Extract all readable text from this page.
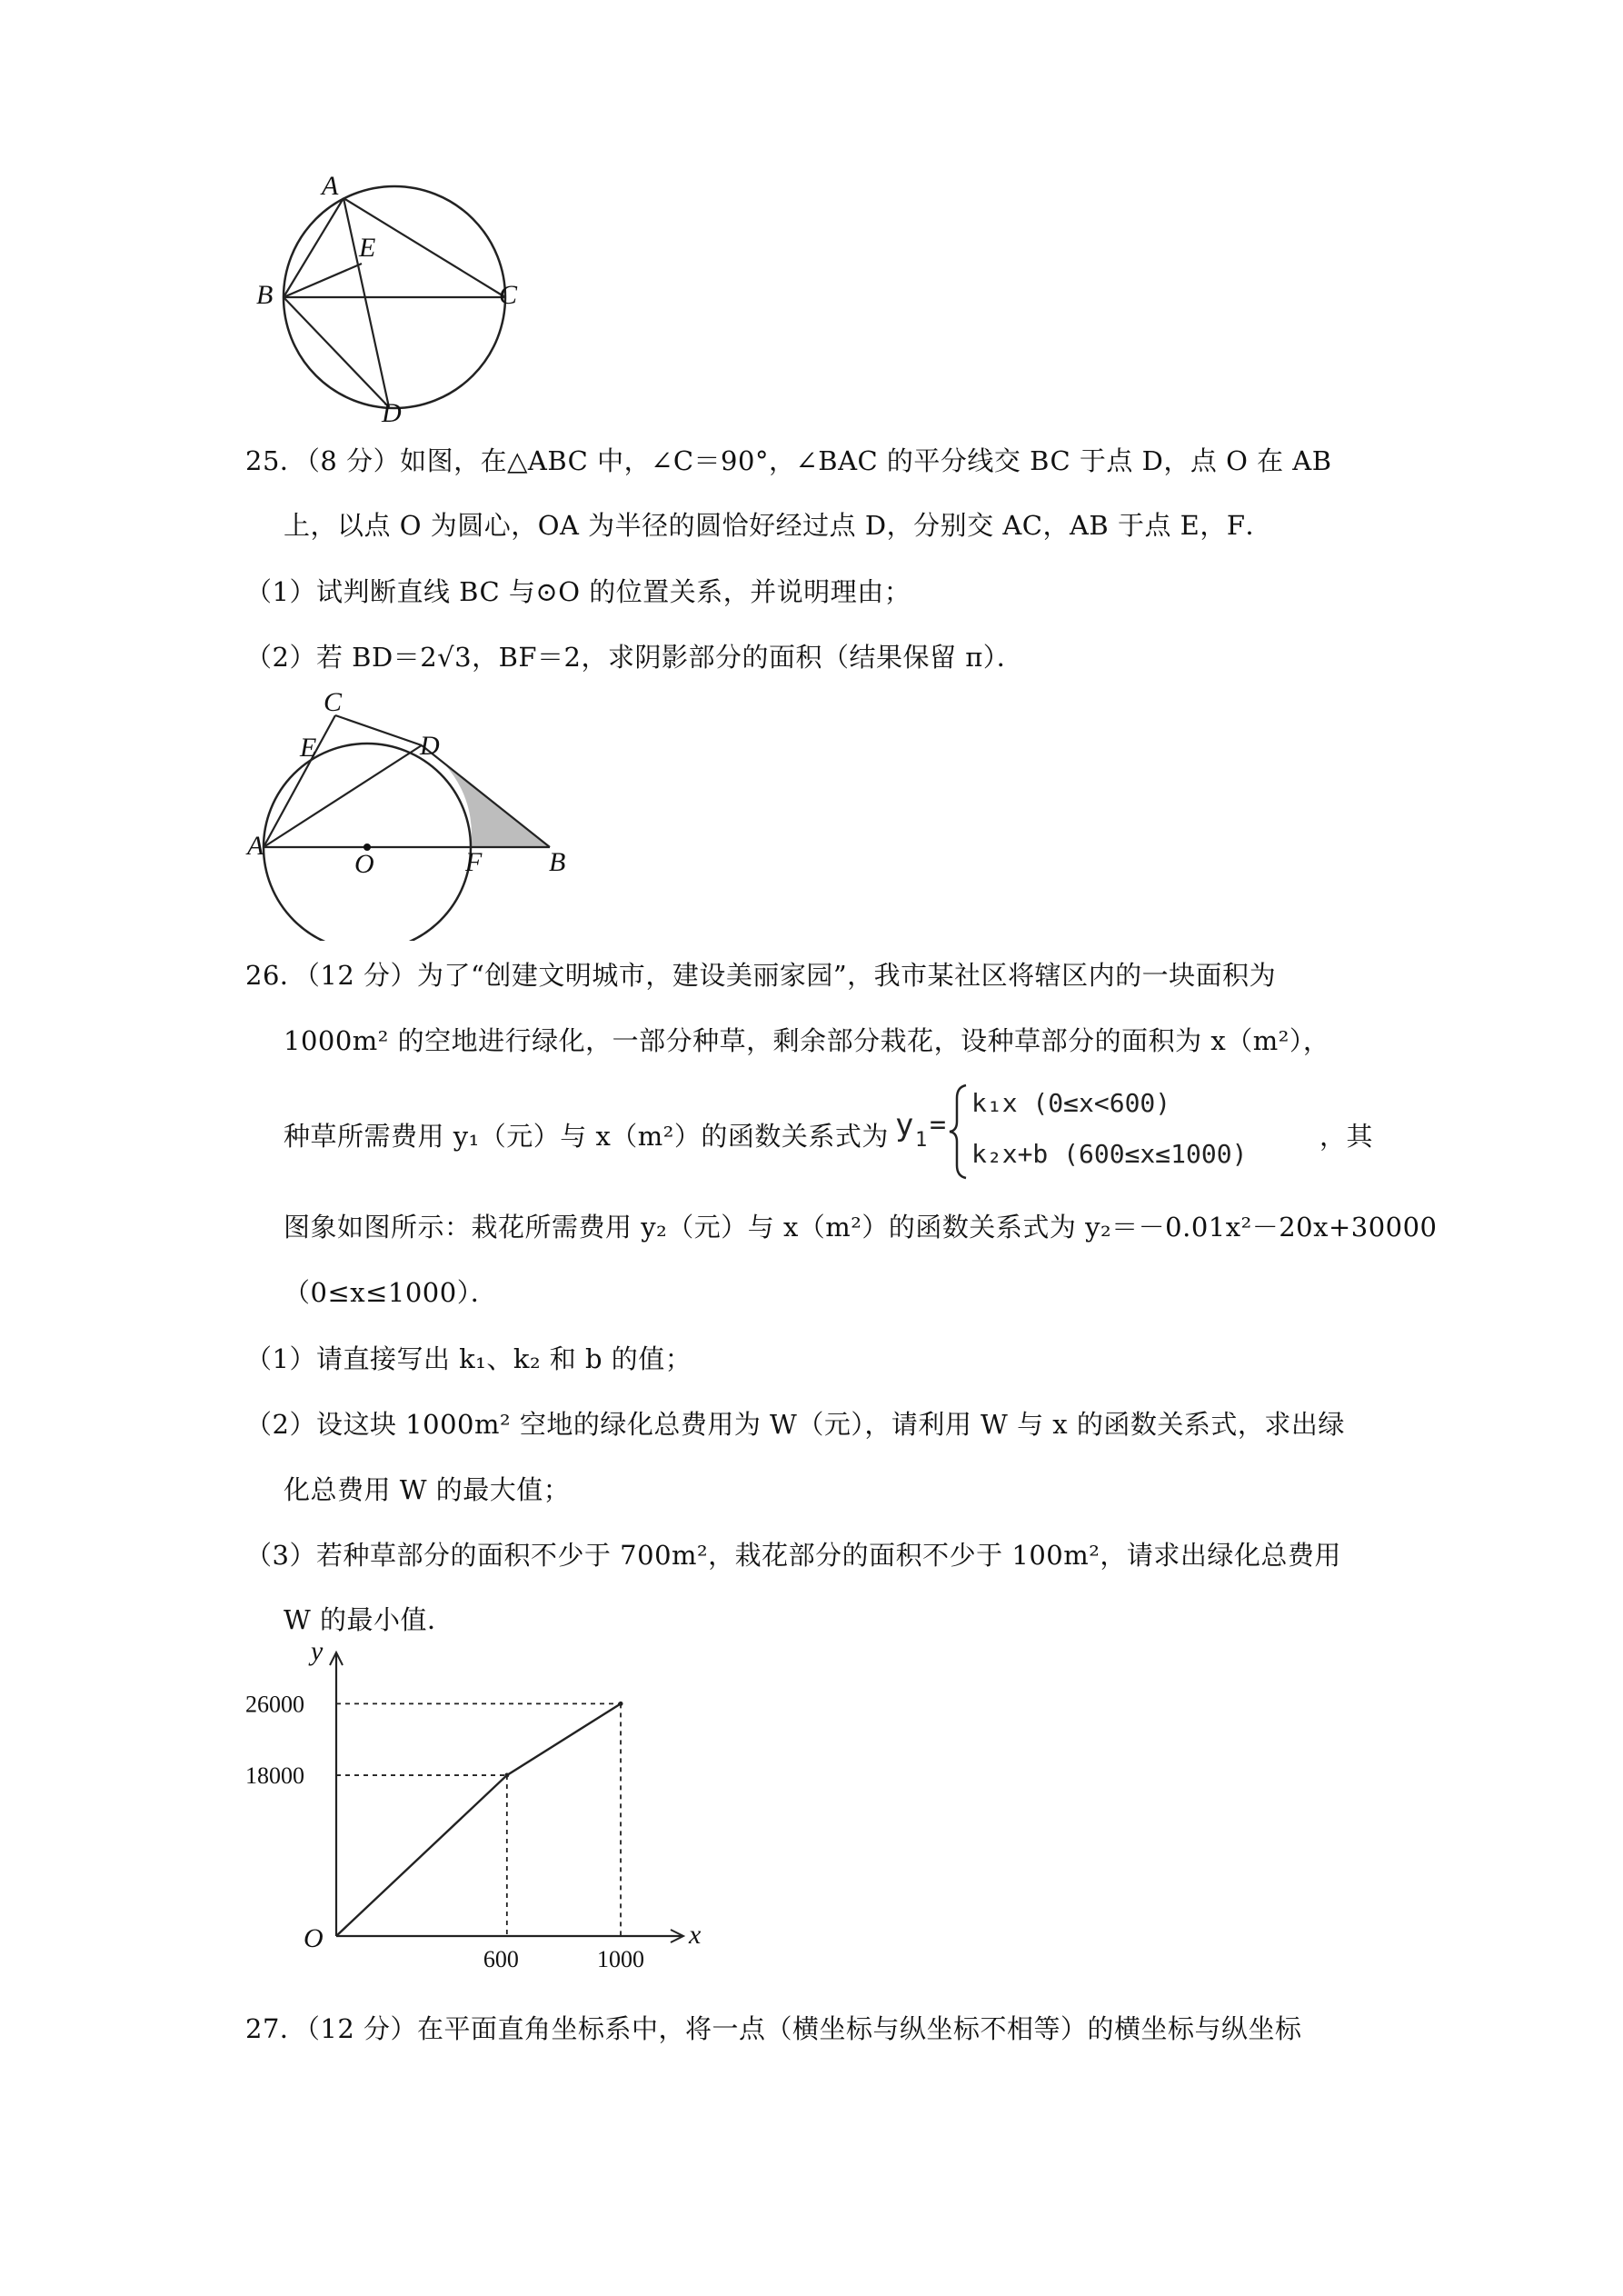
A
E
B	C
D
25．（8 分）如图，在△ABC 中，∠C＝90°，∠BAC 的平分线交 BC 于点 D，点 O 在 AB
上，以点 O 为圆心，OA 为半径的圆恰好经过点 D，分别交 AC，AB 于点 E，F．
（1）试判断直线 BC 与⊙O 的位置关系，并说明理由；
（2）若 BD＝2√3，BF＝2，求阴影部分的面积（结果保留 π）．
C
E	D
A
O	F B
26．（12 分）为了“创建文明城市，建设美丽家园”，我市某社区将辖区内的一块面积为
1000m² 的空地进行绿化，一部分种草，剩余部分栽花，设种草部分的面积为 x（m²），
种草所需费用 y₁（元）与 x（m²）的函数关系式为 y 1 =
k₁x (0≤x<600)
k₂x+b (600≤x≤1000)
，其
图象如图所示：栽花所需费用 y₂（元）与 x（m²）的函数关系式为 y₂＝－0.01x²－20x+30000
（0≤x≤1000）．
（1）请直接写出 k₁、k₂ 和 b 的值；
（2）设这块 1000m² 空地的绿化总费用为 W（元），请利用 W 与 x 的函数关系式，求出绿
化总费用 W 的最大值；
（3）若种草部分的面积不少于 700m²，栽花部分的面积不少于 100m²，请求出绿化总费用
W 的最小值．
x
y
O
600	1000
26000
18000
27．（12 分）在平面直角坐标系中，将一点（横坐标与纵坐标不相等）的横坐标与纵坐标
